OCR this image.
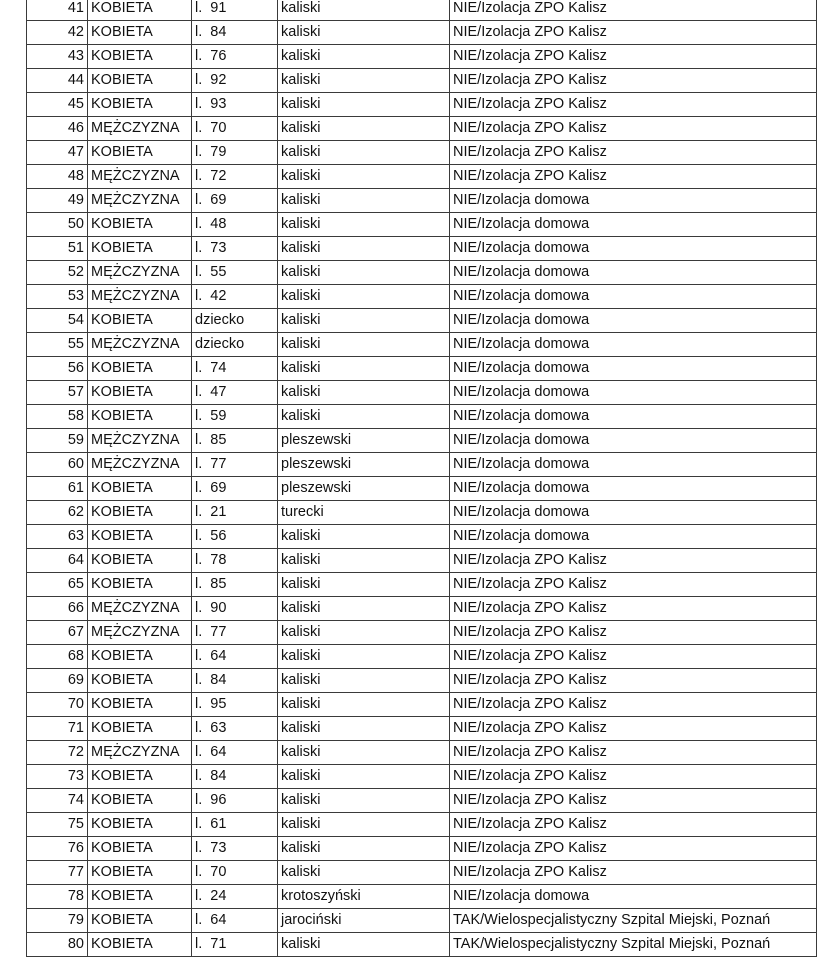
41	KOBIETA	l.  91	kaliski	NIE/Izolacja ZPO Kalisz
42	KOBIETA	l.  84	kaliski	NIE/Izolacja ZPO Kalisz
43	KOBIETA	l.  76	kaliski	NIE/Izolacja ZPO Kalisz
44	KOBIETA	l.  92	kaliski	NIE/Izolacja ZPO Kalisz
45	KOBIETA	l.  93	kaliski	NIE/Izolacja ZPO Kalisz
46	MĘŻCZYZNA	l.  70	kaliski	NIE/Izolacja ZPO Kalisz
47	KOBIETA	l.  79	kaliski	NIE/Izolacja ZPO Kalisz
48	MĘŻCZYZNA	l.  72	kaliski	NIE/Izolacja ZPO Kalisz
49	MĘŻCZYZNA	l.  69	kaliski	NIE/Izolacja domowa
50	KOBIETA	l.  48	kaliski	NIE/Izolacja domowa
51	KOBIETA	l.  73	kaliski	NIE/Izolacja domowa
52	MĘŻCZYZNA	l.  55	kaliski	NIE/Izolacja domowa
53	MĘŻCZYZNA	l.  42	kaliski	NIE/Izolacja domowa
54	KOBIETA	dziecko	kaliski	NIE/Izolacja domowa
55	MĘŻCZYZNA	dziecko	kaliski	NIE/Izolacja domowa
56	KOBIETA	l.  74	kaliski	NIE/Izolacja domowa
57	KOBIETA	l.  47	kaliski	NIE/Izolacja domowa
58	KOBIETA	l.  59	kaliski	NIE/Izolacja domowa
59	MĘŻCZYZNA	l.  85	pleszewski	NIE/Izolacja domowa
60	MĘŻCZYZNA	l.  77	pleszewski	NIE/Izolacja domowa
61	KOBIETA	l.  69	pleszewski	NIE/Izolacja domowa
62	KOBIETA	l.  21	turecki	NIE/Izolacja domowa
63	KOBIETA	l.  56	kaliski	NIE/Izolacja domowa
64	KOBIETA	l.  78	kaliski	NIE/Izolacja ZPO Kalisz
65	KOBIETA	l.  85	kaliski	NIE/Izolacja ZPO Kalisz
66	MĘŻCZYZNA	l.  90	kaliski	NIE/Izolacja ZPO Kalisz
67	MĘŻCZYZNA	l.  77	kaliski	NIE/Izolacja ZPO Kalisz
68	KOBIETA	l.  64	kaliski	NIE/Izolacja ZPO Kalisz
69	KOBIETA	l.  84	kaliski	NIE/Izolacja ZPO Kalisz
70	KOBIETA	l.  95	kaliski	NIE/Izolacja ZPO Kalisz
71	KOBIETA	l.  63	kaliski	NIE/Izolacja ZPO Kalisz
72	MĘŻCZYZNA	l.  64	kaliski	NIE/Izolacja ZPO Kalisz
73	KOBIETA	l.  84	kaliski	NIE/Izolacja ZPO Kalisz
74	KOBIETA	l.  96	kaliski	NIE/Izolacja ZPO Kalisz
75	KOBIETA	l.  61	kaliski	NIE/Izolacja ZPO Kalisz
76	KOBIETA	l.  73	kaliski	NIE/Izolacja ZPO Kalisz
77	KOBIETA	l.  70	kaliski	NIE/Izolacja ZPO Kalisz
78	KOBIETA	l.  24	krotoszyński	NIE/Izolacja domowa
79	KOBIETA	l.  64	jarociński	TAK/Wielospecjalistyczny Szpital Miejski, Poznań
80	KOBIETA	l.  71	kaliski	TAK/Wielospecjalistyczny Szpital Miejski, Poznań
